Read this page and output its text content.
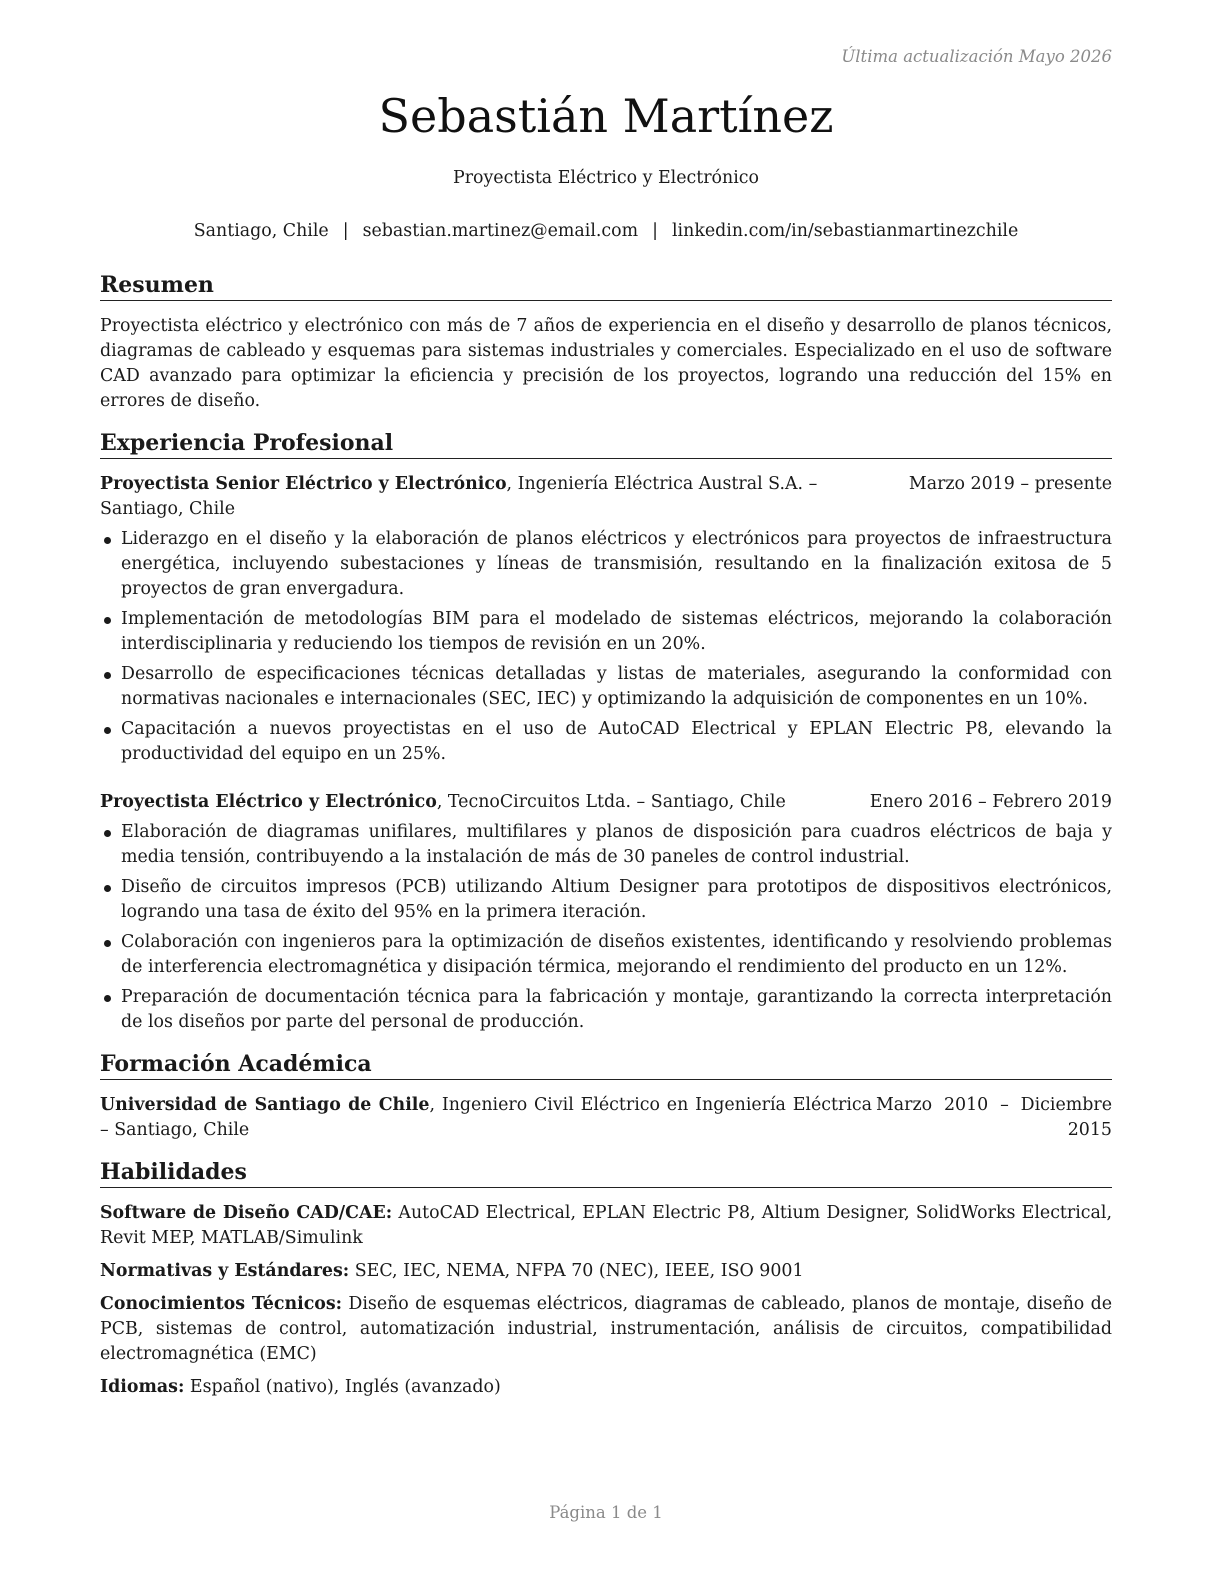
Última actualización Mayo 2026
Sebastián Martínez
Proyectista Eléctrico y Electrónico
Santiago, Chile | sebastian.martinez@email.com | linkedin.com/in/sebastianmartinezchile
Resumen
Proyectista eléctrico y electrónico con más de 7 años de experiencia en el diseño y desarrollo de planos técnicos, diagramas de cableado y esquemas para sistemas industriales y comerciales. Especializado en el uso de software CAD avanzado para optimizar la eficiencia y precisión de los proyectos, logrando una reducción del 15% en errores de diseño.
Experiencia Profesional
Proyectista Senior Eléctrico y Electrónico, Ingeniería Eléctrica Austral S.A. – Santiago, Chile
Marzo 2019 – presente
Liderazgo en el diseño y la elaboración de planos eléctricos y electrónicos para proyectos de infraestructura energética, incluyendo subestaciones y líneas de transmisión, resultando en la finalización exitosa de 5 proyectos de gran envergadura.
Implementación de metodologías BIM para el modelado de sistemas eléctricos, mejorando la colaboración interdisciplinaria y reduciendo los tiempos de revisión en un 20%.
Desarrollo de especificaciones técnicas detalladas y listas de materiales, asegurando la conformidad con normativas nacionales e internacionales (SEC, IEC) y optimizando la adquisición de componentes en un 10%.
Capacitación a nuevos proyectistas en el uso de AutoCAD Electrical y EPLAN Electric P8, elevando la productividad del equipo en un 25%.
Proyectista Eléctrico y Electrónico, TecnoCircuitos Ltda. – Santiago, Chile	Enero 2016 – Febrero 2019
Elaboración de diagramas unifilares, multifilares y planos de disposición para cuadros eléctricos de baja y media tensión, contribuyendo a la instalación de más de 30 paneles de control industrial.
Diseño de circuitos impresos (PCB) utilizando Altium Designer para prototipos de dispositivos electrónicos, logrando una tasa de éxito del 95% en la primera iteración.
Colaboración con ingenieros para la optimización de diseños existentes, identificando y resolviendo problemas de interferencia electromagnética y disipación térmica, mejorando el rendimiento del producto en un 12%.
Preparación de documentación técnica para la fabricación y montaje, garantizando la correcta interpretación de los diseños por parte del personal de producción.
Formación Académica
Universidad de Santiago de Chile, Ingeniero Civil Eléctrico en Ingeniería Eléctrica – Santiago, Chile
Marzo 2010 – Diciembre 2015
Habilidades
Software de Diseño CAD/CAE: AutoCAD Electrical, EPLAN Electric P8, Altium Designer, SolidWorks Electrical, Revit MEP, MATLAB/Simulink
Normativas y Estándares: SEC, IEC, NEMA, NFPA 70 (NEC), IEEE, ISO 9001
Conocimientos Técnicos: Diseño de esquemas eléctricos, diagramas de cableado, planos de montaje, diseño de PCB, sistemas de control, automatización industrial, instrumentación, análisis de circuitos, compatibilidad electromagnética (EMC)
Idiomas: Español (nativo), Inglés (avanzado)
Página 1 de 1
